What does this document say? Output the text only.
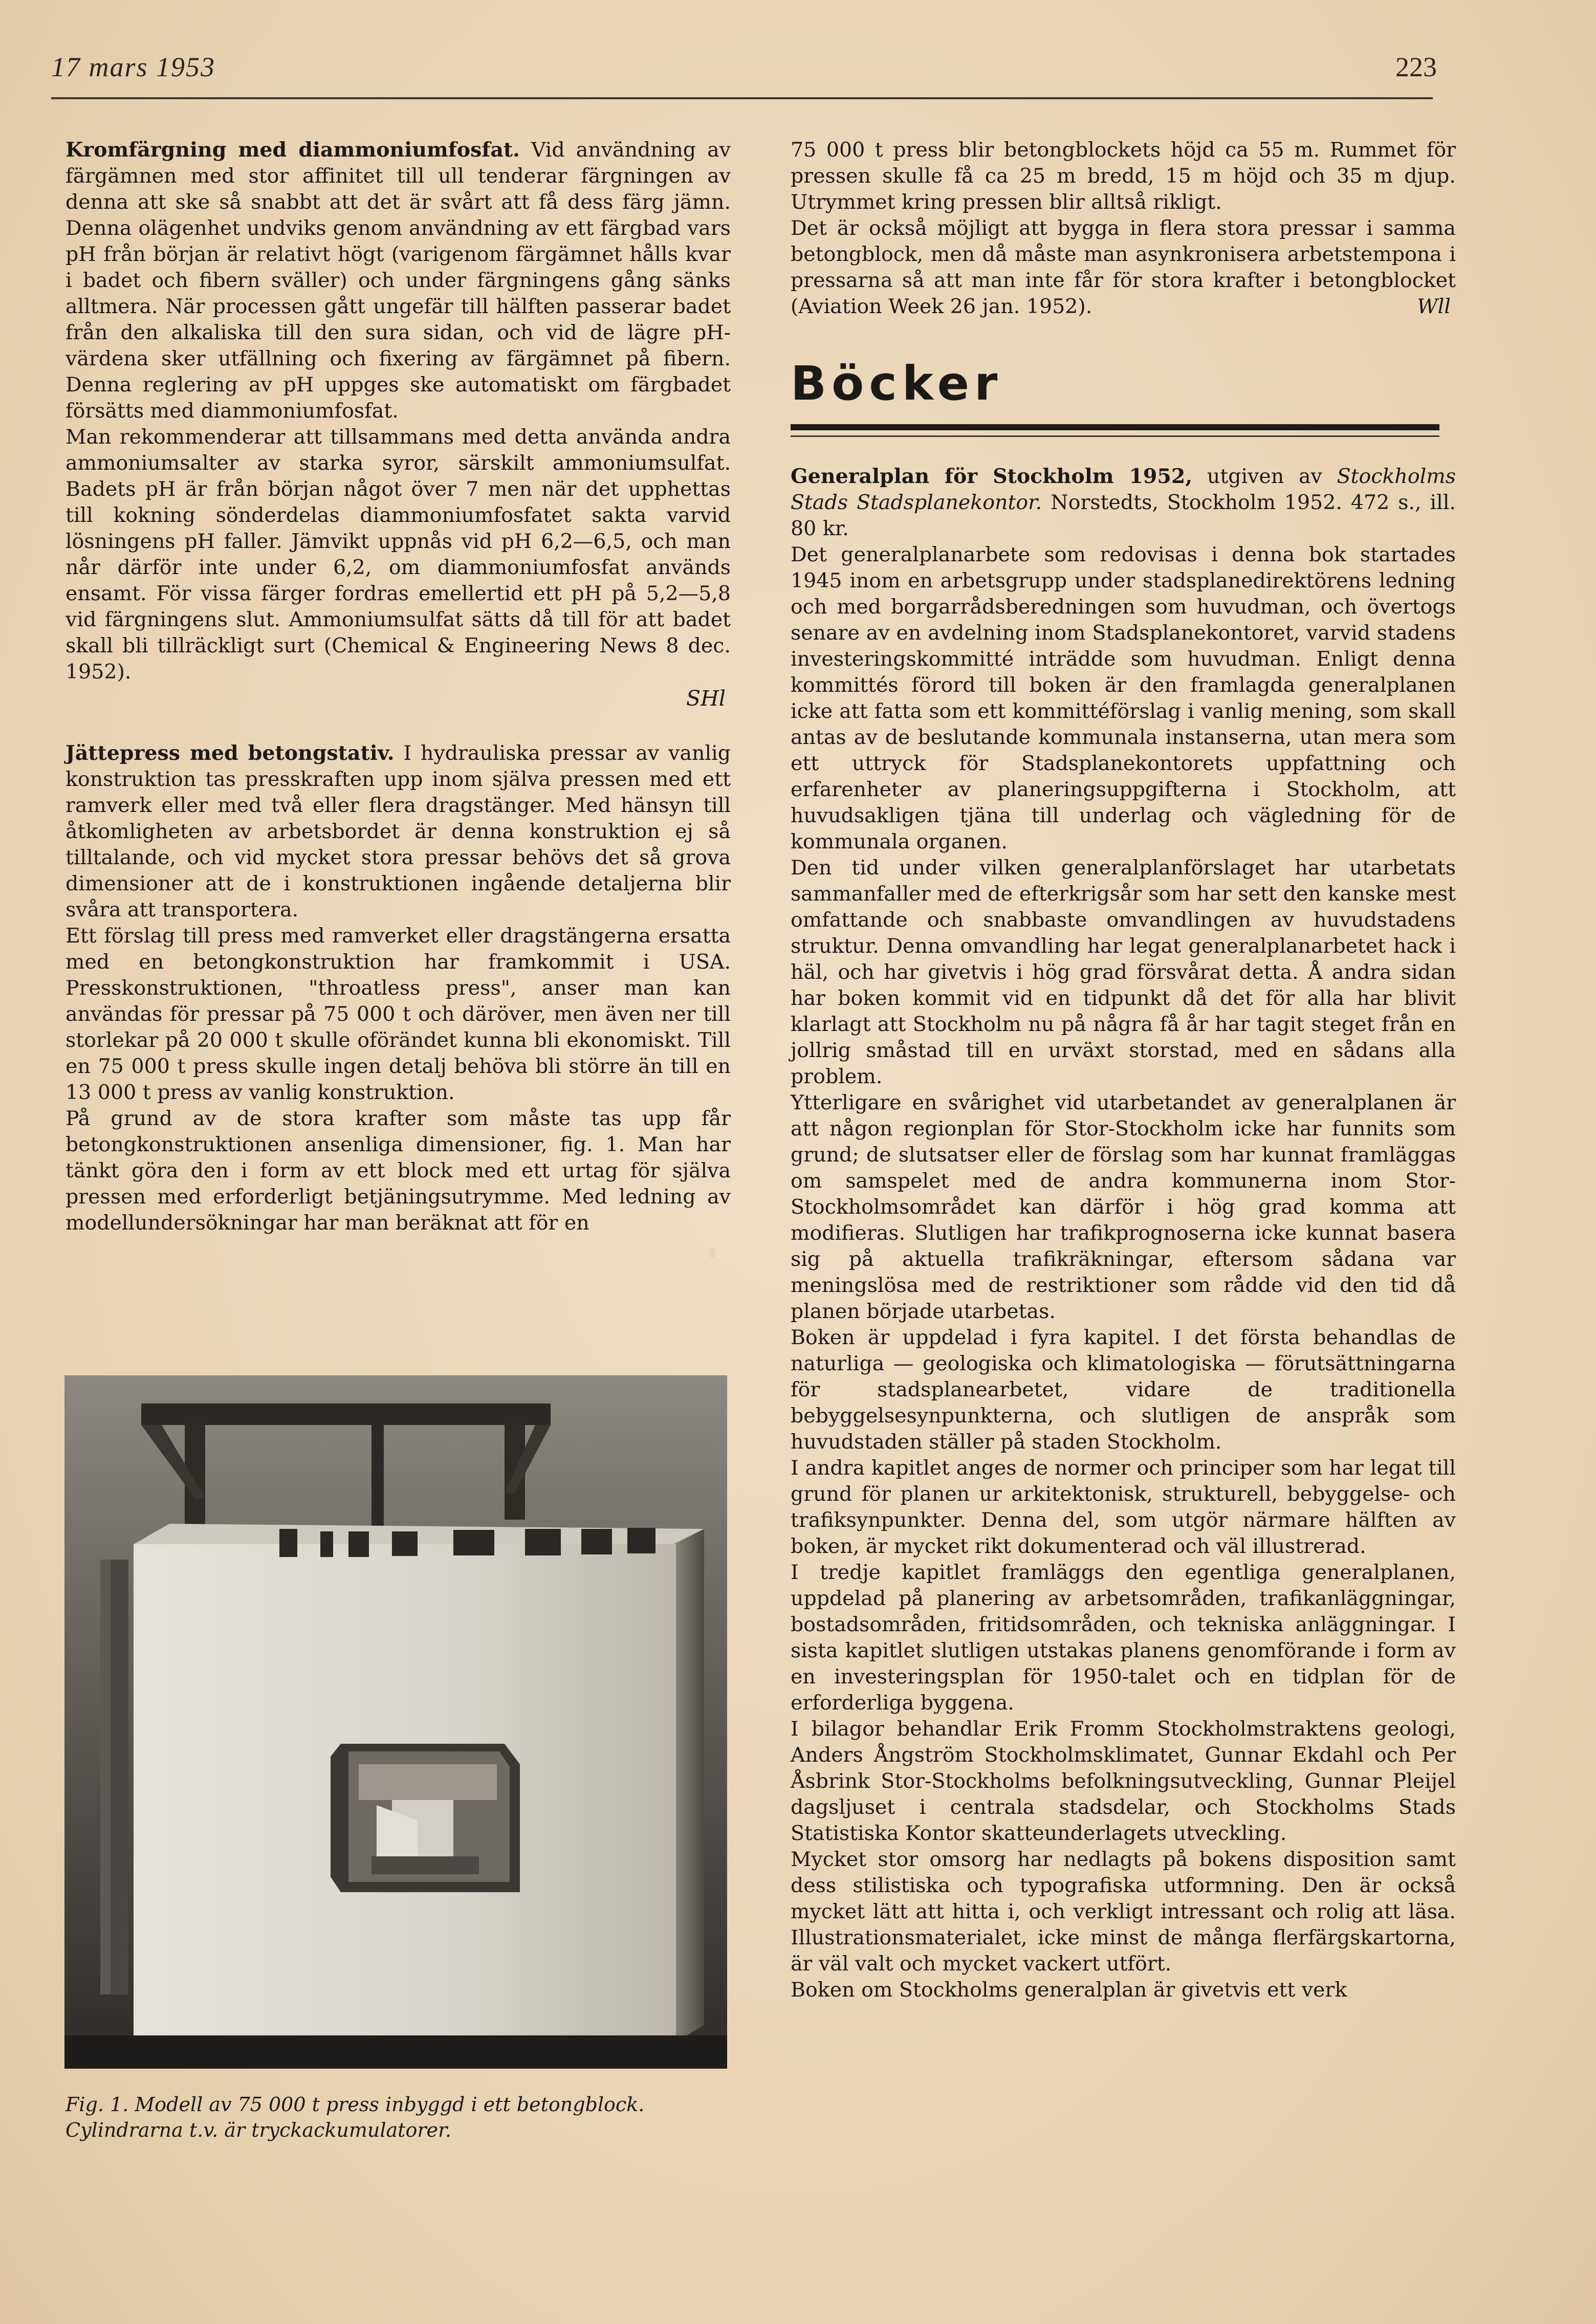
17 mars 1953	223

Kromfärgning med diammoniumfosfat. Vid användning av färgämnen med stor affinitet till ull tenderar färgningen av denna att ske så snabbt att det är svårt att få dess färg jämn. Denna olägenhet undviks genom användning av ett färgbad vars pH från början är relativt högt (varigenom färgämnet hålls kvar i badet och fibern sväller) och under färgningens gång sänks alltmera. När processen gått ungefär till hälften passerar badet från den alkaliska till den sura sidan, och vid de lägre pH-värdena sker utfällning och fixering av färgämnet på fibern. Denna reglering av pH uppges ske automatiskt om färgbadet försätts med diammoniumfosfat.

Man rekommenderar att tillsammans med detta använda andra ammoniumsalter av starka syror, särskilt ammoniumsulfat. Badets pH är från början något över 7 men när det upphettas till kokning sönderdelas diammoniumfosfatet sakta varvid lösningens pH faller. Jämvikt uppnås vid pH 6,2—6,5, och man når därför inte under 6,2, om diammoniumfosfat används ensamt. För vissa färger fordras emellertid ett pH på 5,2—5,8 vid färgningens slut. Ammoniumsulfat sätts då till för att badet skall bli tillräckligt surt (Chemical & Engineering News 8 dec. 1952).

SHl

Jättepress med betongstativ. I hydrauliska pressar av vanlig konstruktion tas presskraften upp inom själva pressen med ett ramverk eller med två eller flera dragstänger. Med hänsyn till åtkomligheten av arbetsbordet är denna konstruktion ej så tilltalande, och vid mycket stora pressar behövs det så grova dimensioner att de i konstruktionen ingående detaljerna blir svåra att transportera.

Ett förslag till press med ramverket eller dragstängerna ersatta med en betongkonstruktion har framkommit i USA. Presskonstruktionen, "throatless press", anser man kan användas för pressar på 75 000 t och däröver, men även ner till storlekar på 20 000 t skulle oförändet kunna bli ekonomiskt. Till en 75 000 t press skulle ingen detalj behöva bli större än till en 13 000 t press av vanlig konstruktion.

På grund av de stora krafter som måste tas upp får betongkonstruktionen ansenliga dimensioner, fig. 1. Man har tänkt göra den i form av ett block med ett urtag för själva pressen med erforderligt betjäningsutrymme. Med ledning av modellundersökningar har man beräknat att för en

Fig. 1. Modell av 75 000 t press inbyggd i ett betongblock. Cylindrarna t.v. är tryckackumulatorer.

75 000 t press blir betongblockets höjd ca 55 m. Rummet för pressen skulle få ca 25 m bredd, 15 m höjd och 35 m djup. Utrymmet kring pressen blir alltså rikligt.

Det är också möjligt att bygga in flera stora pressar i samma betongblock, men då måste man asynkronisera arbetstempona i pressarna så att man inte får för stora krafter i betongblocket (Aviation Week 26 jan. 1952).	Wll

Böcker

Generalplan för Stockholm 1952, utgiven av Stockholms Stads Stadsplanekontor. Norstedts, Stockholm 1952. 472 s., ill. 80 kr.

Det generalplanarbete som redovisas i denna bok startades 1945 inom en arbetsgrupp under stadsplanedirektörens ledning och med borgarrådsberedningen som huvudman, och övertogs senare av en avdelning inom Stadsplanekontoret, varvid stadens investeringskommitté inträdde som huvudman. Enligt denna kommittés förord till boken är den framlagda generalplanen icke att fatta som ett kommittéförslag i vanlig mening, som skall antas av de beslutande kommunala instanserna, utan mera som ett uttryck för Stadsplanekontorets uppfattning och erfarenheter av planeringsuppgifterna i Stockholm, att huvudsakligen tjäna till underlag och vägledning för de kommunala organen.

Den tid under vilken generalplanförslaget har utarbetats sammanfaller med de efterkrigsår som har sett den kanske mest omfattande och snabbaste omvandlingen av huvudstadens struktur. Denna omvandling har legat generalplanarbetet hack i häl, och har givetvis i hög grad försvårat detta. Å andra sidan har boken kommit vid en tidpunkt då det för alla har blivit klarlagt att Stockholm nu på några få år har tagit steget från en jollrig småstad till en urväxt storstad, med en sådans alla problem.

Ytterligare en svårighet vid utarbetandet av generalplanen är att någon regionplan för Stor-Stockholm icke har funnits som grund; de slutsatser eller de förslag som har kunnat framläggas om samspelet med de andra kommunerna inom Stor-Stockholmsområdet kan därför i hög grad komma att modifieras. Slutligen har trafikprognoserna icke kunnat basera sig på aktuella trafikräkningar, eftersom sådana var meningslösa med de restriktioner som rådde vid den tid då planen började utarbetas.

Boken är uppdelad i fyra kapitel. I det första behandlas de naturliga — geologiska och klimatologiska — förutsättningarna för stadsplanearbetet, vidare de traditionella bebyggelsesynpunkterna, och slutligen de anspråk som huvudstaden ställer på staden Stockholm.

I andra kapitlet anges de normer och principer som har legat till grund för planen ur arkitektonisk, strukturell, bebyggelse- och trafiksynpunkter. Denna del, som utgör närmare hälften av boken, är mycket rikt dokumenterad och väl illustrerad.

I tredje kapitlet framläggs den egentliga generalplanen, uppdelad på planering av arbetsområden, trafikanläggningar, bostadsområden, fritidsområden, och tekniska anläggningar. I sista kapitlet slutligen utstakas planens genomförande i form av en investeringsplan för 1950-talet och en tidplan för de erforderliga byggena.

I bilagor behandlar Erik Fromm Stockholmstraktens geologi, Anders Ångström Stockholmsklimatet, Gunnar Ekdahl och Per Åsbrink Stor-Stockholms befolkningsutveckling, Gunnar Pleijel dagsljuset i centrala stadsdelar, och Stockholms Stads Statistiska Kontor skatteunderlagets utveckling.

Mycket stor omsorg har nedlagts på bokens disposition samt dess stilistiska och typografiska utformning. Den är också mycket lätt att hitta i, och verkligt intressant och rolig att läsa. Illustrationsmaterialet, icke minst de många flerfärgskartorna, är väl valt och mycket vackert utfört.

Boken om Stockholms generalplan är givetvis ett verk
